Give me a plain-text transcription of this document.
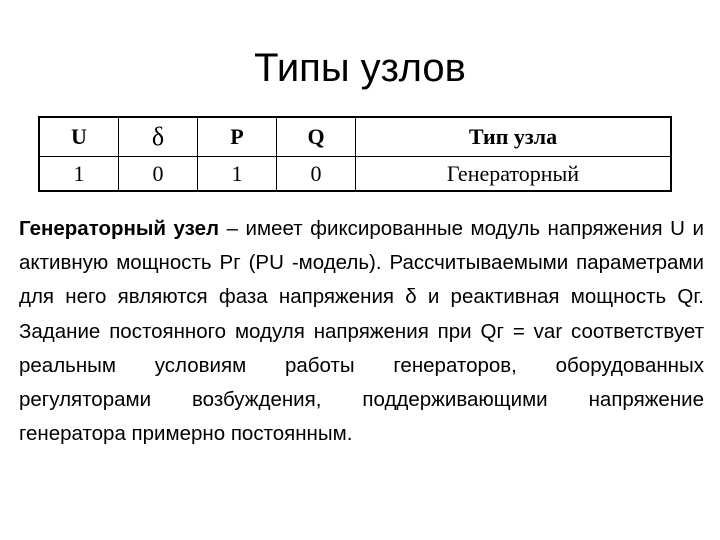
Типы узлов
U	δ	P	Q	Тип узла
1	0	1	0	Генераторный
Генераторный узел – имеет фиксированные модуль напряжения U и активную мощность Pг (PU -модель). Рассчитываемыми параметрами для него являются фаза напряжения δ и реактивная мощность Qг. Задание постоянного модуля напряжения при Qг = var соответствует реальным условиям работы генераторов, оборудованных регуляторами возбуждения, поддерживающими напряжение генератора примерно постоянным.
